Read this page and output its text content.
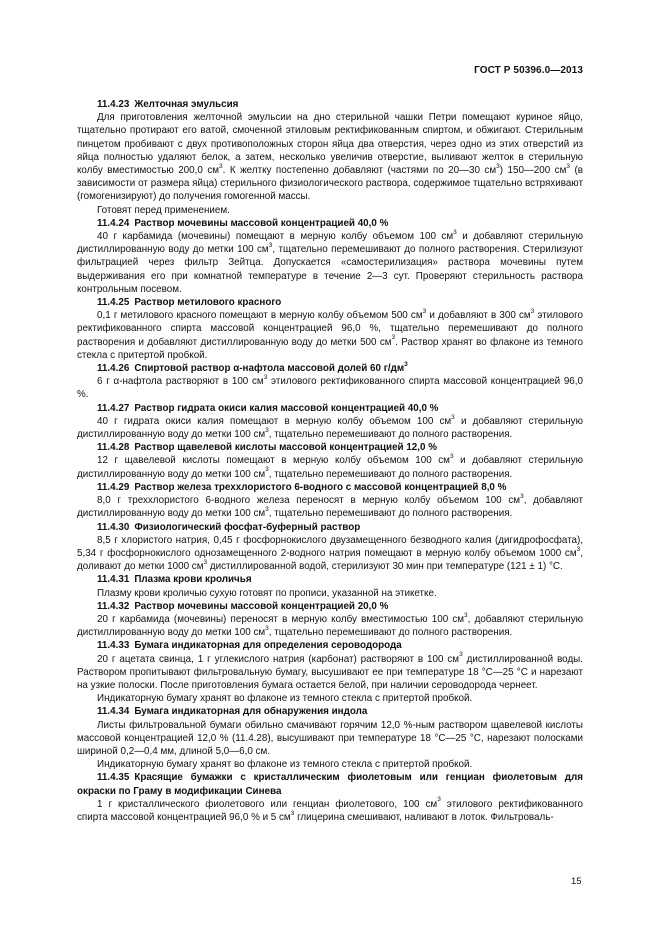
ГОСТ Р 50396.0—2013

11.4.23 Желточная эмульсия

Для приготовления желточной эмульсии на дно стерильной чашки Петри помещают куриное яйцо, тщательно протирают его ватой, смоченной этиловым ректификованным спиртом, и обжигают. Стерильным пинцетом пробивают с двух противоположных сторон яйца два отверстия, через одно из этих отверстий из яйца полностью удаляют белок, а затем, несколько увеличив отверстие, выливают желток в стерильную колбу вместимостью 200,0 $см^3$. К желтку постепенно добавляют (частями по 20—30 $см^3$) 150—200 $см^3$ (в зависимости от размера яйца) стерильного физиологического раствора, содержимое тщательно встряхивают (гомогенизируют) до получения гомогенной массы.

Готовят перед применением.

11.4.24 Раствор мочевины массовой концентрацией 40,0 %

40 г карбамида (мочевины) помещают в мерную колбу объемом 100 $см^3$ и добавляют стерильную дистиллированную воду до метки 100 $см^3$, тщательно перемешивают до полного растворения. Стерилизуют фильтрацией через фильтр Зейтца. Допускается «самостерилизация» раствора мочевины путем выдерживания его при комнатной температуре в течение 2—3 сут. Проверяют стерильность раствора контрольным посевом.

11.4.25 Раствор метилового красного

0,1 г метилового красного помещают в мерную колбу объемом 500 $см^3$ и добавляют в 300 $см^3$ этилового ректификованного спирта массовой концентрацией 96,0 %, тщательно перемешивают до полного растворения и добавляют дистиллированную воду до метки 500 $см^3$. Раствор хранят во флаконе из темного стекла с притертой пробкой.

11.4.26 Спиртовой раствор α-нафтола массовой долей 60 $г/дм^3$

6 г α-нафтола растворяют в 100 $см^3$ этилового ректификованного спирта массовой концентрацией 96,0 %.

11.4.27 Раствор гидрата окиси калия массовой концентрацией 40,0 %

40 г гидрата окиси калия помещают в мерную колбу объемом 100 $см^3$ и добавляют стерильную дистиллированную воду до метки 100 $см^3$, тщательно перемешивают до полного растворения.

11.4.28 Раствор щавелевой кислоты массовой концентрацией 12,0 %

12 г щавелевой кислоты помещают в мерную колбу объемом 100 $см^3$ и добавляют стерильную дистиллированную воду до метки 100 $см^3$, тщательно перемешивают до полного растворения.

11.4.29 Раствор железа треххлористого 6-водного с массовой концентрацией 8,0 %

8,0 г треххлористого 6-водного железа переносят в мерную колбу объемом 100 $см^3$, добавляют дистиллированную воду до метки 100 $см^3$, тщательно перемешивают до полного растворения.

11.4.30 Физиологический фосфат-буферный раствор

8,5 г хлористого натрия, 0,45 г фосфорнокислого двузамещенного безводного калия (дигидрофосфата), 5,34 г фосфорнокислого однозамещенного 2-водного натрия помещают в мерную колбу объемом 1000 $см^3$, доливают до метки 1000 $см^3$ дистиллированной водой, стерилизуют 30 мин при температуре (121 ± 1) °С.

11.4.31 Плазма крови кроличья

Плазму крови кроличью сухую готовят по прописи, указанной на этикетке.

11.4.32 Раствор мочевины массовой концентрацией 20,0 %

20 г карбамида (мочевины) переносят в мерную колбу вместимостью 100 $см^3$, добавляют стерильную дистиллированную воду до метки 100 $см^3$, тщательно перемешивают до полного растворения.

11.4.33 Бумага индикаторная для определения сероводорода

20 г ацетата свинца, 1 г углекислого натрия (карбонат) растворяют в 100 $см^3$ дистиллированной воды. Раствором пропитывают фильтровальную бумагу, высушивают ее при температуре 18 °С—25 °С и нарезают на узкие полоски. После приготовления бумага остается белой, при наличии сероводорода чернеет.

Индикаторную бумагу хранят во флаконе из темного стекла с притертой пробкой.

11.4.34 Бумага индикаторная для обнаружения индола

Листы фильтровальной бумаги обильно смачивают горячим 12,0 %-ным раствором щавелевой кислоты массовой концентрацией 12,0 % (11.4.28), высушивают при температуре 18 °С—25 °С, нарезают полосками шириной 0,2—0,4 мм, длиной 5,0—6,0 см.

Индикаторную бумагу хранят во флаконе из темного стекла с притертой пробкой.

11.4.35 Красящие бумажки с кристаллическим фиолетовым или генциан фиолетовым для окраски по Граму в модификации Синева

1 г кристаллического фиолетового или генциан фиолетового, 100 $см^3$ этилового ректификованного спирта массовой концентрацией 96,0 % и 5 $см^3$ глицерина смешивают, наливают в лоток. Фильтроваль-

15
